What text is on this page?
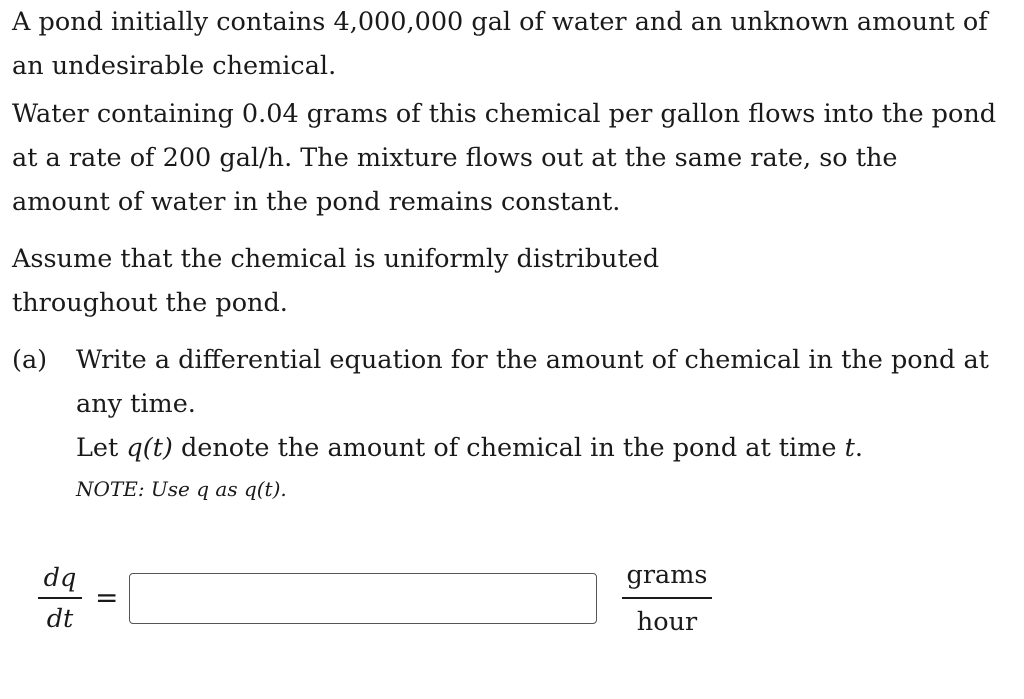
A pond initially contains 4,000,000 gal of water and an unknown amount of an undesirable chemical.

Water containing 0.04 grams of this chemical per gallon flows into the pond at a rate of 200 gal/h. The mixture flows out at the same rate, so the amount of water in the pond remains constant.

Assume that the chemical is uniformly distributed throughout the pond.

(a) Write a differential equation for the amount of chemical in the pond at any time.

Let q(t) denote the amount of chemical in the pond at time t.

NOTE: Use q as q(t).
dq
dt
=
grams
hour
